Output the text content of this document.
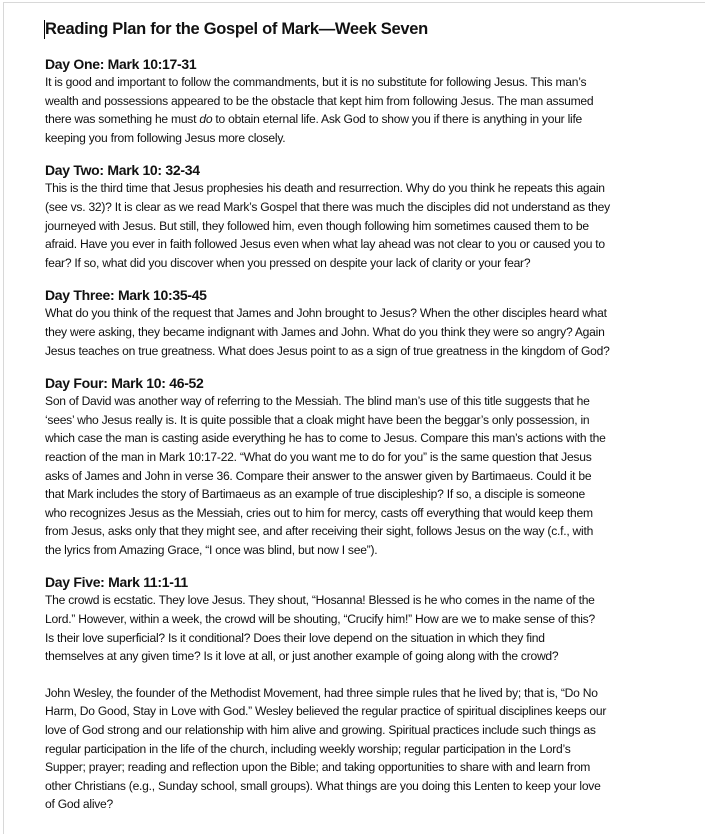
Reading Plan for the Gospel of Mark—Week Seven
Day One: Mark 10:17-31
It is good and important to follow the commandments, but it is no substitute for following Jesus. This man’s
wealth and possessions appeared to be the obstacle that kept him from following Jesus. The man assumed
there was something he must do to obtain eternal life. Ask God to show you if there is anything in your life
keeping you from following Jesus more closely.
Day Two: Mark 10: 32-34
This is the third time that Jesus prophesies his death and resurrection. Why do you think he repeats this again
(see vs. 32)? It is clear as we read Mark’s Gospel that there was much the disciples did not understand as they
journeyed with Jesus. But still, they followed him, even though following him sometimes caused them to be
afraid. Have you ever in faith followed Jesus even when what lay ahead was not clear to you or caused you to
fear? If so, what did you discover when you pressed on despite your lack of clarity or your fear?
Day Three: Mark 10:35-45
What do you think of the request that James and John brought to Jesus? When the other disciples heard what
they were asking, they became indignant with James and John. What do you think they were so angry? Again
Jesus teaches on true greatness. What does Jesus point to as a sign of true greatness in the kingdom of God?
Day Four: Mark 10: 46-52
Son of David was another way of referring to the Messiah. The blind man’s use of this title suggests that he
‘sees’ who Jesus really is. It is quite possible that a cloak might have been the beggar’s only possession, in
which case the man is casting aside everything he has to come to Jesus. Compare this man’s actions with the
reaction of the man in Mark 10:17-22. “What do you want me to do for you” is the same question that Jesus
asks of James and John in verse 36. Compare their answer to the answer given by Bartimaeus. Could it be
that Mark includes the story of Bartimaeus as an example of true discipleship? If so, a disciple is someone
who recognizes Jesus as the Messiah, cries out to him for mercy, casts off everything that would keep them
from Jesus, asks only that they might see, and after receiving their sight, follows Jesus on the way (c.f., with
the lyrics from Amazing Grace, “I once was blind, but now I see”).
Day Five: Mark 11:1-11
The crowd is ecstatic. They love Jesus. They shout, “Hosanna! Blessed is he who comes in the name of the
Lord.” However, within a week, the crowd will be shouting, “Crucify him!” How are we to make sense of this?
Is their love superficial? Is it conditional? Does their love depend on the situation in which they find
themselves at any given time? Is it love at all, or just another example of going along with the crowd?
John Wesley, the founder of the Methodist Movement, had three simple rules that he lived by; that is, “Do No
Harm, Do Good, Stay in Love with God.” Wesley believed the regular practice of spiritual disciplines keeps our
love of God strong and our relationship with him alive and growing. Spiritual practices include such things as
regular participation in the life of the church, including weekly worship; regular participation in the Lord’s
Supper; prayer; reading and reflection upon the Bible; and taking opportunities to share with and learn from
other Christians (e.g., Sunday school, small groups). What things are you doing this Lenten to keep your love
of God alive?
